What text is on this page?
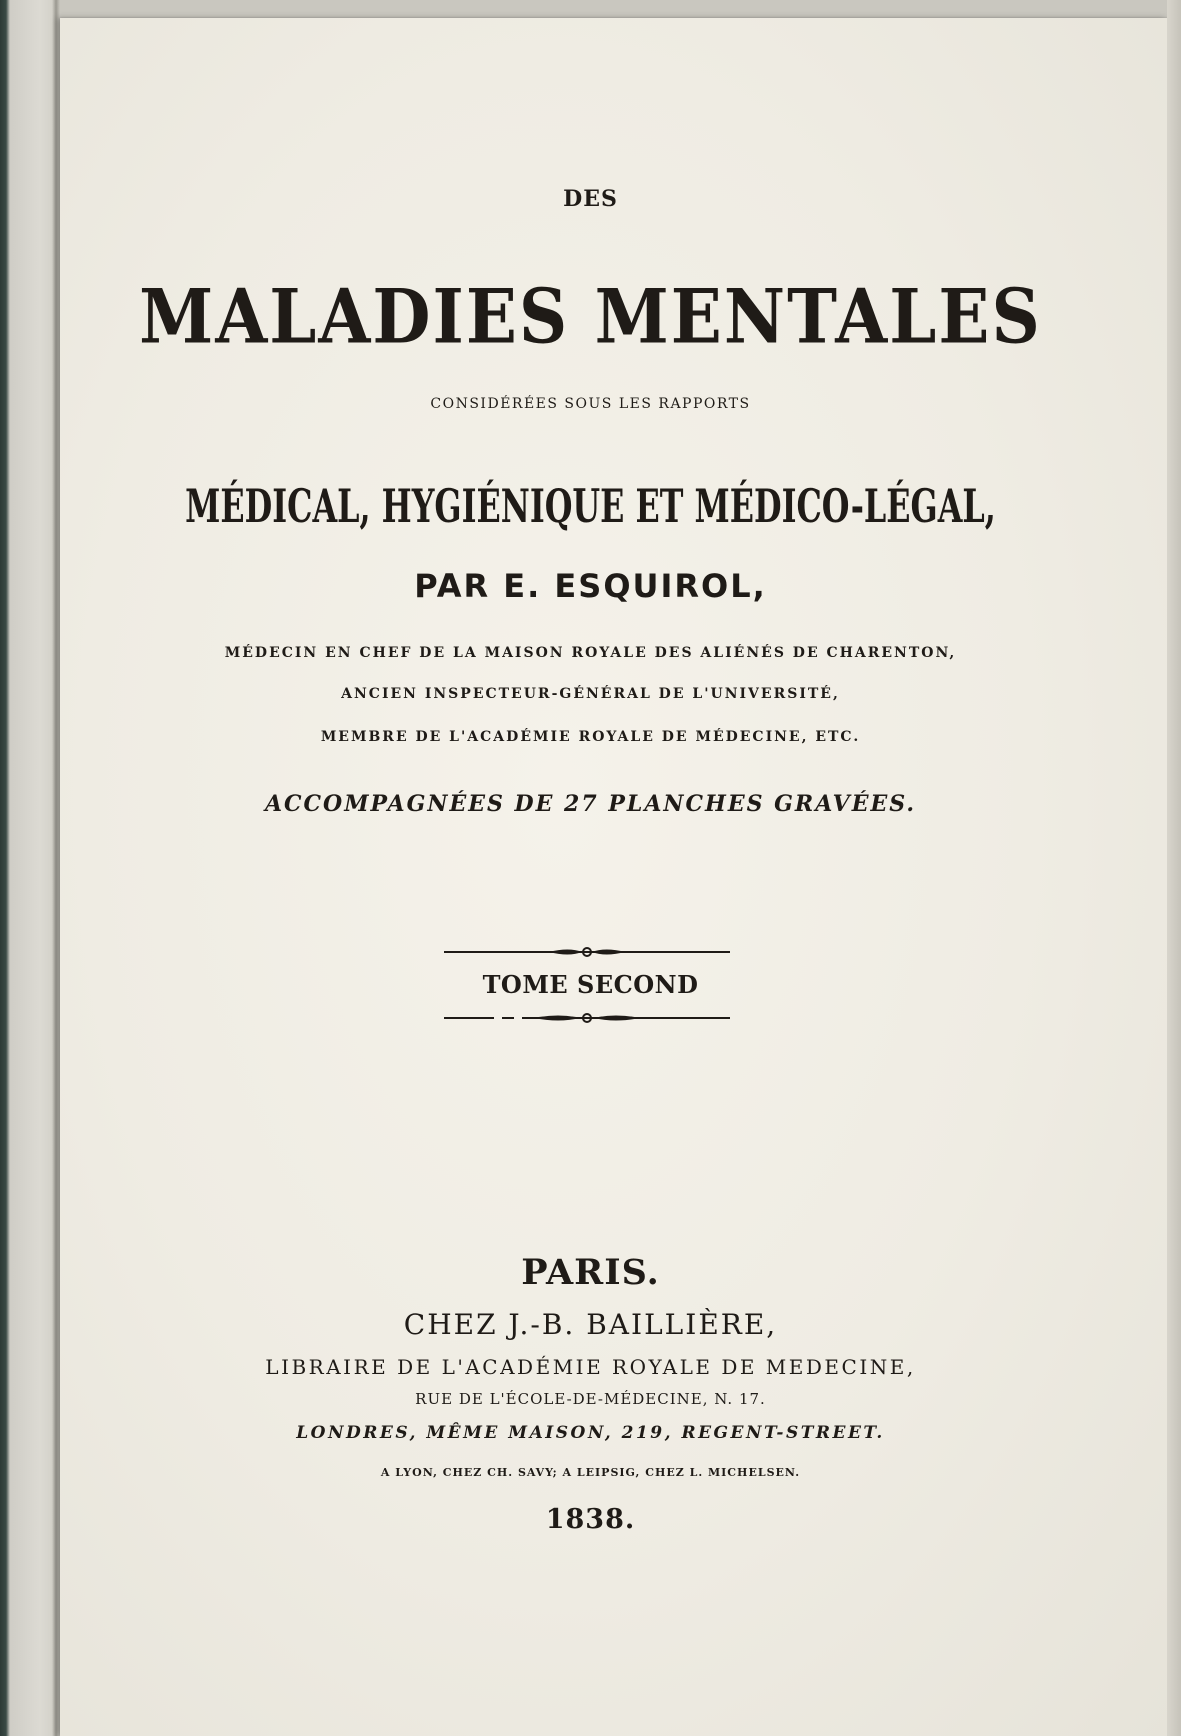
DES
MALADIES MENTALES
CONSIDÉRÉES SOUS LES RAPPORTS
MÉDICAL, HYGIÉNIQUE ET MÉDICO-LÉGAL,
PAR E. ESQUIROL,
MÉDECIN EN CHEF DE LA MAISON ROYALE DES ALIÉNÉS DE CHARENTON,
ANCIEN INSPECTEUR-GÉNÉRAL DE L'UNIVERSITÉ,
MEMBRE DE L'ACADÉMIE ROYALE DE MÉDECINE, ETC.
ACCOMPAGNÉES DE 27 PLANCHES GRAVÉES.
TOME SECOND
PARIS.
CHEZ J.-B. BAILLIÈRE,
LIBRAIRE DE L'ACADÉMIE ROYALE DE MEDECINE,
RUE DE L'ÉCOLE-DE-MÉDECINE, N. 17.
LONDRES, MÊME MAISON, 219, REGENT-STREET.
A LYON, CHEZ CH. SAVY; A LEIPSIG, CHEZ L. MICHELSEN.
1838.
